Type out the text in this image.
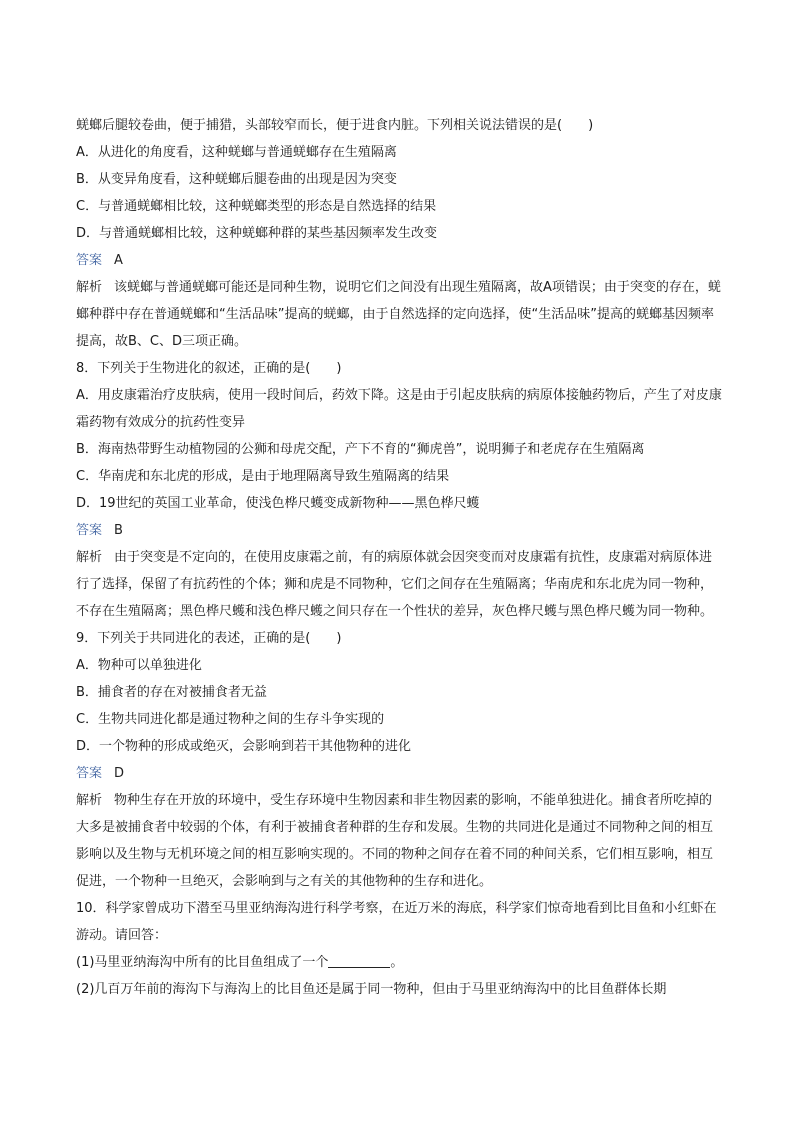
蜣螂后腿较卷曲，便于捕猎，头部较窄而长，便于进食内脏。下列相关说法错误的是(　　)
A．从进化的角度看，这种蜣螂与普通蜣螂存在生殖隔离
B．从变异角度看，这种蜣螂后腿卷曲的出现是因为突变
C．与普通蜣螂相比较，这种蜣螂类型的形态是自然选择的结果
D．与普通蜣螂相比较，这种蜣螂种群的某些基因频率发生改变
答案 A
解析 该蜣螂与普通蜣螂可能还是同种生物，说明它们之间没有出现生殖隔离，故A项错误；由于突变的存在，蜣螂种群中存在普通蜣螂和“生活品味”提高的蜣螂，由于自然选择的定向选择，使“生活品味”提高的蜣螂基因频率提高，故B、C、D三项正确。
8．下列关于生物进化的叙述，正确的是(　　)
A．用皮康霜治疗皮肤病，使用一段时间后，药效下降。这是由于引起皮肤病的病原体接触药物后，产生了对皮康霜药物有效成分的抗药性变异
B．海南热带野生动植物园的公狮和母虎交配，产下不育的“狮虎兽”，说明狮子和老虎存在生殖隔离
C．华南虎和东北虎的形成，是由于地理隔离导致生殖隔离的结果
D．19世纪的英国工业革命，使浅色桦尺蠖变成新物种——黑色桦尺蠖
答案 B
解析 由于突变是不定向的，在使用皮康霜之前，有的病原体就会因突变而对皮康霜有抗性，皮康霜对病原体进行了选择，保留了有抗药性的个体；狮和虎是不同物种，它们之间存在生殖隔离；华南虎和东北虎为同一物种，不存在生殖隔离；黑色桦尺蠖和浅色桦尺蠖之间只存在一个性状的差异，灰色桦尺蠖与黑色桦尺蠖为同一物种。
9．下列关于共同进化的表述，正确的是(　　)
A．物种可以单独进化
B．捕食者的存在对被捕食者无益
C．生物共同进化都是通过物种之间的生存斗争实现的
D．一个物种的形成或绝灭，会影响到若干其他物种的进化
答案 D
解析 物种生存在开放的环境中，受生存环境中生物因素和非生物因素的影响，不能单独进化。捕食者所吃掉的大多是被捕食者中较弱的个体，有利于被捕食者种群的生存和发展。生物的共同进化是通过不同物种之间的相互影响以及生物与无机环境之间的相互影响实现的。不同的物种之间存在着不同的种间关系，它们相互影响，相互促进，一个物种一旦绝灭，会影响到与之有关的其他物种的生存和进化。
10．科学家曾成功下潜至马里亚纳海沟进行科学考察，在近万米的海底，科学家们惊奇地看到比目鱼和小红虾在游动。请回答：
(1)马里亚纳海沟中所有的比目鱼组成了一个	。
(2)几百万年前的海沟下与海沟上的比目鱼还是属于同一物种，但由于马里亚纳海沟中的比目鱼群体长期
